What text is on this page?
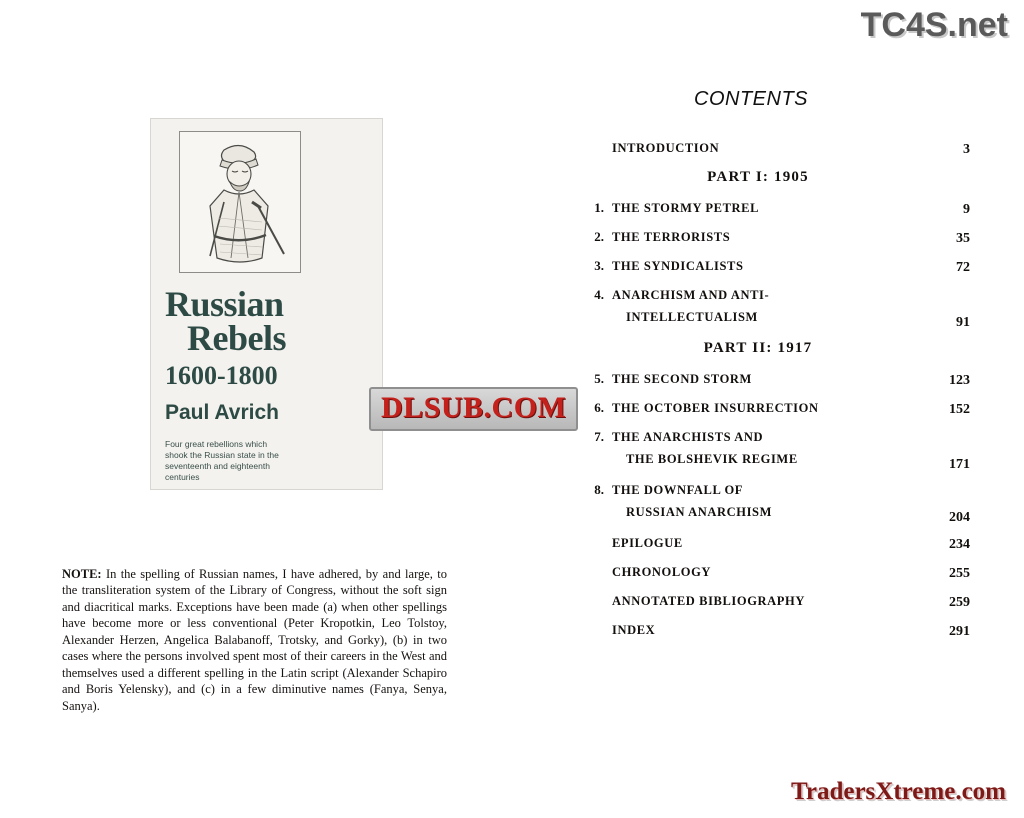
Russian
Rebels
1600-1800
Paul Avrich
Four great rebellions which shook the Russian state in the seventeenth and eighteenth centuries

NOTE: In the spelling of Russian names, I have adhered, by and large, to the transliteration system of the Library of Congress, without the soft sign and diacritical marks. Exceptions have been made (a) when other spellings have become more or less conventional (Peter Kropotkin, Leo Tolstoy, Alexander Herzen, Angelica Balabanoff, Trotsky, and Gorky), (b) in two cases where the persons involved spent most of their careers in the West and themselves used a different spelling in the Latin script (Alexander Schapiro and Boris Yelensky), and (c) in a few diminutive names (Fanya, Senya, Sanya).

CONTENTS
INTRODUCTION	3
PART I: 1905
1. THE STORMY PETREL	9
2. THE TERRORISTS	35
3. THE SYNDICALISTS	72
4. ANARCHISM AND ANTI-
INTELLECTUALISM	91
PART II: 1917
5. THE SECOND STORM	123
6. THE OCTOBER INSURRECTION	152
7. THE ANARCHISTS AND
THE BOLSHEVIK REGIME	171
8. THE DOWNFALL OF
RUSSIAN ANARCHISM	204
EPILOGUE	234
CHRONOLOGY	255
ANNOTATED BIBLIOGRAPHY	259
INDEX	291
TC4S.net
DLSUB.COM
TradersXtreme.com
